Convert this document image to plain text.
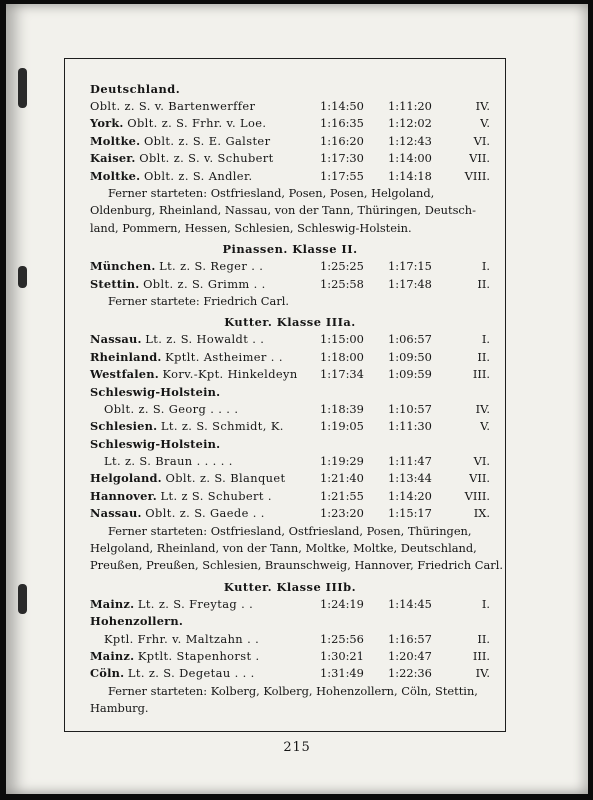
215
Deutschland.
Oblt. z. S. v. Bartenwerffer	1:14:50 1:11:20	IV.
York. Oblt. z. S. Frhr. v. Loe.	1:16:35 1:12:02	V.
Moltke. Oblt. z. S. E. Galster	1:16:20 1:12:43	VI.
Kaiser. Oblt. z. S. v. Schubert	1:17:30 1:14:00	VII.
Moltke. Oblt. z. S. Andler.	1:17:55 1:14:18	VIII.
Ferner starteten: Ostfriesland, Posen, Posen, Helgoland,
Oldenburg, Rheinland, Nassau, von der Tann, Thüringen, Deutsch-
land, Pommern, Hessen, Schlesien, Schleswig-Holstein.
Pinassen. Klasse II.
München. Lt. z. S. Reger . .	1:25:25 1:17:15	I.
Stettin. Oblt. z. S. Grimm . .	1:25:58 1:17:48	II.
Ferner startete: Friedrich Carl.
Kutter. Klasse IIIa.
Nassau. Lt. z. S. Howaldt . .	1:15:00 1:06:57	I.
Rheinland. Kptlt. Astheimer . .	1:18:00 1:09:50	II.
Westfalen. Korv.-Kpt. Hinkeldeyn 1:17:34 1:09:59	III.
Schleswig-Holstein.
Oblt. z. S. Georg . . . .	1:18:39 1:10:57	IV.
Schlesien. Lt. z. S. Schmidt, K.	1:19:05 1:11:30	V.
Schleswig-Holstein.
Lt. z. S. Braun . . . . .	1:19:29 1:11:47	VI.
Helgoland. Oblt. z. S. Blanquet	1:21:40 1:13:44	VII.
Hannover. Lt. z S. Schubert .	1:21:55 1:14:20	VIII.
Nassau. Oblt. z. S. Gaede . .	1:23:20 1:15:17	IX.
Ferner starteten: Ostfriesland, Ostfriesland, Posen, Thüringen,
Helgoland, Rheinland, von der Tann, Moltke, Moltke, Deutschland,
Preußen, Preußen, Schlesien, Braunschweig, Hannover, Friedrich Carl.
Kutter. Klasse IIIb.
Mainz. Lt. z. S. Freytag . .	1:24:19 1:14:45	I.
Hohenzollern.
Kptl. Frhr. v. Maltzahn . .	1:25:56 1:16:57	II.
Mainz. Kptlt. Stapenhorst .	1:30:21 1:20:47	III.
Cöln. Lt. z. S. Degetau . . .	1:31:49 1:22:36	IV.
Ferner starteten: Kolberg, Kolberg, Hohenzollern, Cöln, Stettin,
Hamburg.
